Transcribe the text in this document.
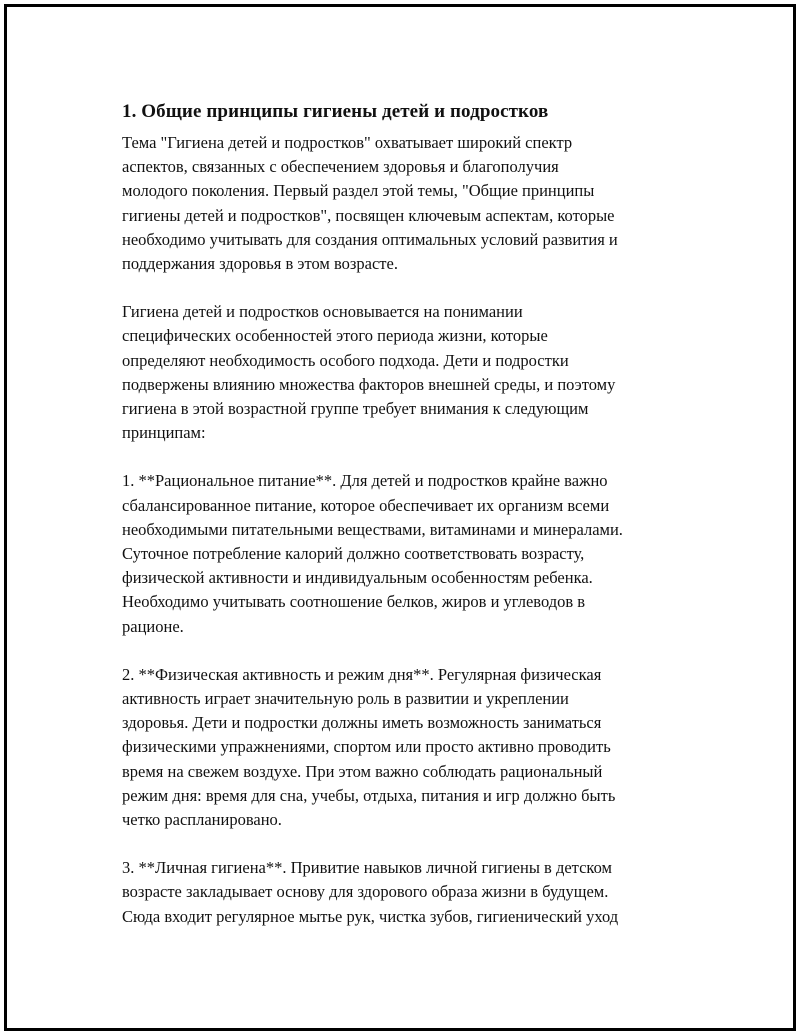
1. Общие принципы гигиены детей и подростков
Тема "Гигиена детей и подростков" охватывает широкий спектр
аспектов, связанных с обеспечением здоровья и благополучия
молодого поколения. Первый раздел этой темы, "Общие принципы
гигиены детей и подростков", посвящен ключевым аспектам, которые
необходимо учитывать для создания оптимальных условий развития и
поддержания здоровья в этом возрасте.
Гигиена детей и подростков основывается на понимании
специфических особенностей этого периода жизни, которые
определяют необходимость особого подхода. Дети и подростки
подвержены влиянию множества факторов внешней среды, и поэтому
гигиена в этой возрастной группе требует внимания к следующим
принципам:
1. **Рациональное питание**. Для детей и подростков крайне важно
сбалансированное питание, которое обеспечивает их организм всеми
необходимыми питательными веществами, витаминами и минералами.
Суточное потребление калорий должно соответствовать возрасту,
физической активности и индивидуальным особенностям ребенка.
Необходимо учитывать соотношение белков, жиров и углеводов в
рационе.
2. **Физическая активность и режим дня**. Регулярная физическая
активность играет значительную роль в развитии и укреплении
здоровья. Дети и подростки должны иметь возможность заниматься
физическими упражнениями, спортом или просто активно проводить
время на свежем воздухе. При этом важно соблюдать рациональный
режим дня: время для сна, учебы, отдыха, питания и игр должно быть
четко распланировано.
3. **Личная гигиена**. Привитие навыков личной гигиены в детском
возрасте закладывает основу для здорового образа жизни в будущем.
Сюда входит регулярное мытье рук, чистка зубов, гигиенический уход
